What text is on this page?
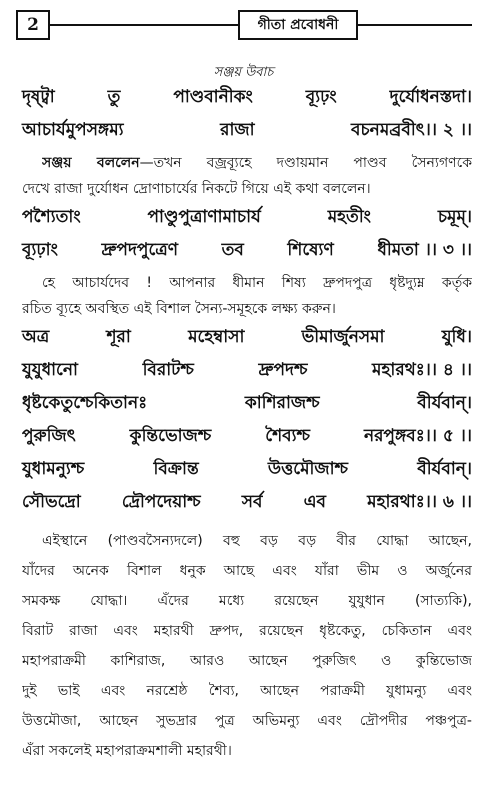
2	গীতা প্রবোধনী
সঞ্জয় উবাচ
দৃষ্ট্বা	তু	পাণ্ডবানীকং	ব্যূঢ়ং	দুর্যোধনস্তদা।
আচার্যমুপসঙ্গম্য	রাজা	বচনমব্রবীৎ।। ২ ।।
সঞ্জয় বললেন—তখন বজ্রব্যূহে দণ্ডায়মান পাণ্ডব সৈন্যগণকে
দেখে রাজা দুর্যোধন দ্রোণাচার্যের নিকটে গিয়ে এই কথা বললেন।
পশ্যৈতাং	পাণ্ডুপুত্রাণামাচার্য	মহতীং	চমূম্।
ব্যূঢ়াং	দ্রুপদপুত্রেণ	তব	শিষ্যেণ	ধীমতা ।। ৩ ।।
হে আচার্যদেব ! আপনার ধীমান শিষ্য দ্রুপদপুত্র ধৃষ্টদ্যুম্ন কর্তৃক
রচিত ব্যূহে অবস্থিত এই বিশাল সৈন্য-সমূহকে লক্ষ্য করুন।
অত্র	শূরা	মহেম্বাসা	ভীমার্জুনসমা	যুধি।
যুযুধানো	বিরাটশ্চ	দ্রুপদশ্চ	মহারথঃ।। ৪ ।।
ধৃষ্টকেতুশ্চেকিতানঃ	কাশিরাজশ্চ	বীর্যবান্।
পুরুজিৎ	কুন্তিভোজশ্চ	শৈব্যশ্চ	নরপুঙ্গবঃ।। ৫ ।।
যুধামন্যুশ্চ	বিক্রান্ত	উত্তমৌজাশ্চ	বীর্যবান্।
সৌভদ্রো দ্রৌপদেয়াশ্চ সর্ব এব মহারথাঃ।। ৬ ।।
এইস্থানে (পাণ্ডবসৈন্যদলে) বহু বড় বড় বীর যোদ্ধা আছেন,
যাঁদের অনেক বিশাল ধনুক আছে এবং যাঁরা ভীম ও অর্জুনের
সমকক্ষ যোদ্ধা। এঁদের মধ্যে রয়েছেন যুযুধান (সাত্যকি),
বিরাট রাজা এবং মহারথী দ্রুপদ, রয়েছেন ধৃষ্টকেতু, চেকিতান এবং
মহাপরাক্রমী কাশিরাজ, আরও আছেন পুরুজিৎ ও কুন্তিভোজ
দুই ভাই এবং নরশ্রেষ্ঠ শৈব্য, আছেন পরাক্রমী যুধামন্যু এবং
উত্তমৌজা, আছেন সুভদ্রার পুত্র অভিমন্যু এবং দ্রৌপদীর পঞ্চপুত্র-
এঁরা সকলেই মহাপরাক্রমশালী মহারথী।
